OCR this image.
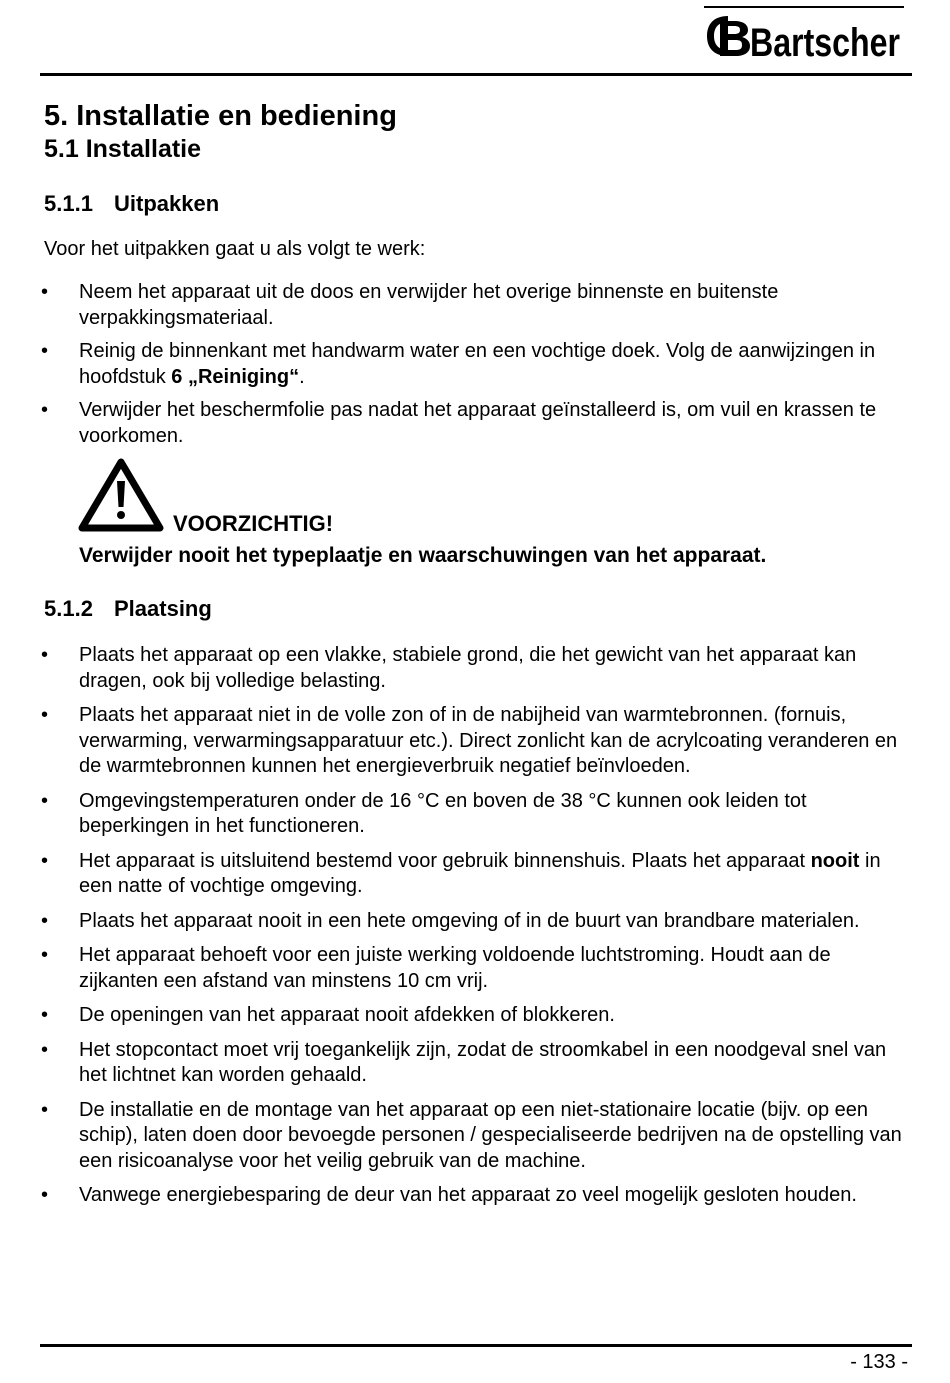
Bartscher
5. Installatie en bediening
5.1 Installatie
5.1.1 Uitpakken
Voor het uitpakken gaat u als volgt te werk:
• Neem het apparaat uit de doos en verwijder het overige binnenste en buitenste verpakkingsmateriaal.
• Reinig de binnenkant met handwarm water en een vochtige doek. Volg de aanwijzingen in hoofdstuk 6 „Reiniging“.
• Verwijder het beschermfolie pas nadat het apparaat geïnstalleerd is, om vuil en krassen te voorkomen.
VOORZICHTIG!
Verwijder nooit het typeplaatje en waarschuwingen van het apparaat.
5.1.2 Plaatsing
• Plaats het apparaat op een vlakke, stabiele grond, die het gewicht van het apparaat kan dragen, ook bij volledige belasting.
• Plaats het apparaat niet in de volle zon of in de nabijheid van warmtebronnen. (fornuis, verwarming, verwarmingsapparatuur etc.). Direct zonlicht kan de acrylcoating veranderen en de warmtebronnen kunnen het energieverbruik negatief beïnvloeden.
• Omgevingstemperaturen onder de 16 °C en boven de 38 °C kunnen ook leiden tot beperkingen in het functioneren.
• Het apparaat is uitsluitend bestemd voor gebruik binnenshuis. Plaats het apparaat nooit in een natte of vochtige omgeving.
• Plaats het apparaat nooit in een hete omgeving of in de buurt van brandbare materialen.
• Het apparaat behoeft voor een juiste werking voldoende luchtstroming. Houdt aan de zijkanten een afstand van minstens 10 cm vrij.
• De openingen van het apparaat nooit afdekken of blokkeren.
• Het stopcontact moet vrij toegankelijk zijn, zodat de stroomkabel in een noodgeval snel van het lichtnet kan worden gehaald.
• De installatie en de montage van het apparaat op een niet-stationaire locatie (bijv. op een schip), laten doen door bevoegde personen / gespecialiseerde bedrijven na de opstelling van een risicoanalyse voor het veilig gebruik van de machine.
• Vanwege energiebesparing de deur van het apparaat zo veel mogelijk gesloten houden.
- 133 -
